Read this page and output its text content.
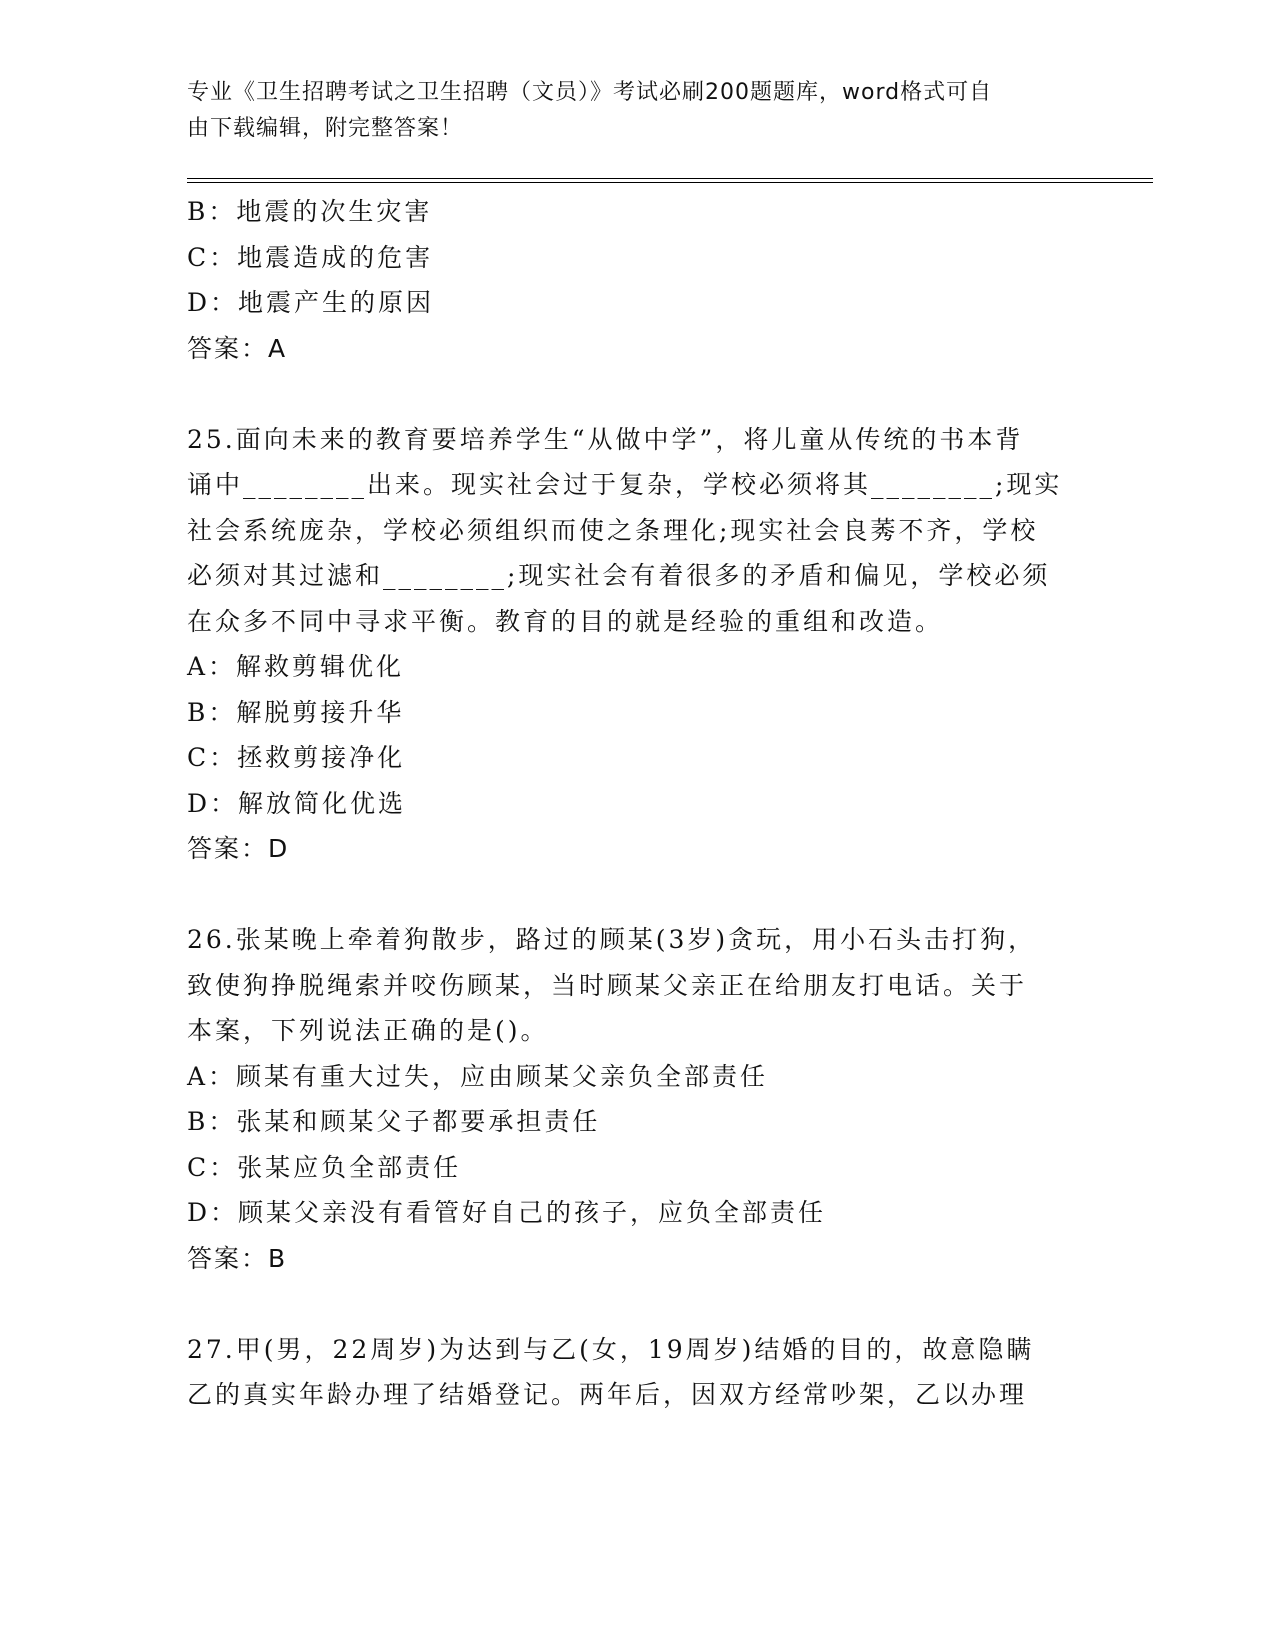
专业《卫生招聘考试之卫生招聘（文员）》考试必刷200题题库，word格式可自
由下载编辑，附完整答案！
B：地震的次生灾害
C：地震造成的危害
D：地震产生的原因
答案：A
25.面向未来的教育要培养学生“从做中学”，将儿童从传统的书本背
诵中________出来。现实社会过于复杂，学校必须将其________;现实
社会系统庞杂，学校必须组织而使之条理化;现实社会良莠不齐，学校
必须对其过滤和________;现实社会有着很多的矛盾和偏见，学校必须
在众多不同中寻求平衡。教育的目的就是经验的重组和改造。
A：解救剪辑优化
B：解脱剪接升华
C：拯救剪接净化
D：解放简化优选
答案：D
26.张某晚上牵着狗散步，路过的顾某(3岁)贪玩，用小石头击打狗，
致使狗挣脱绳索并咬伤顾某，当时顾某父亲正在给朋友打电话。关于
本案，下列说法正确的是()。
A：顾某有重大过失，应由顾某父亲负全部责任
B：张某和顾某父子都要承担责任
C：张某应负全部责任
D：顾某父亲没有看管好自己的孩子，应负全部责任
答案：B
27.甲(男，22周岁)为达到与乙(女，19周岁)结婚的目的，故意隐瞒
乙的真实年龄办理了结婚登记。两年后，因双方经常吵架，乙以办理
